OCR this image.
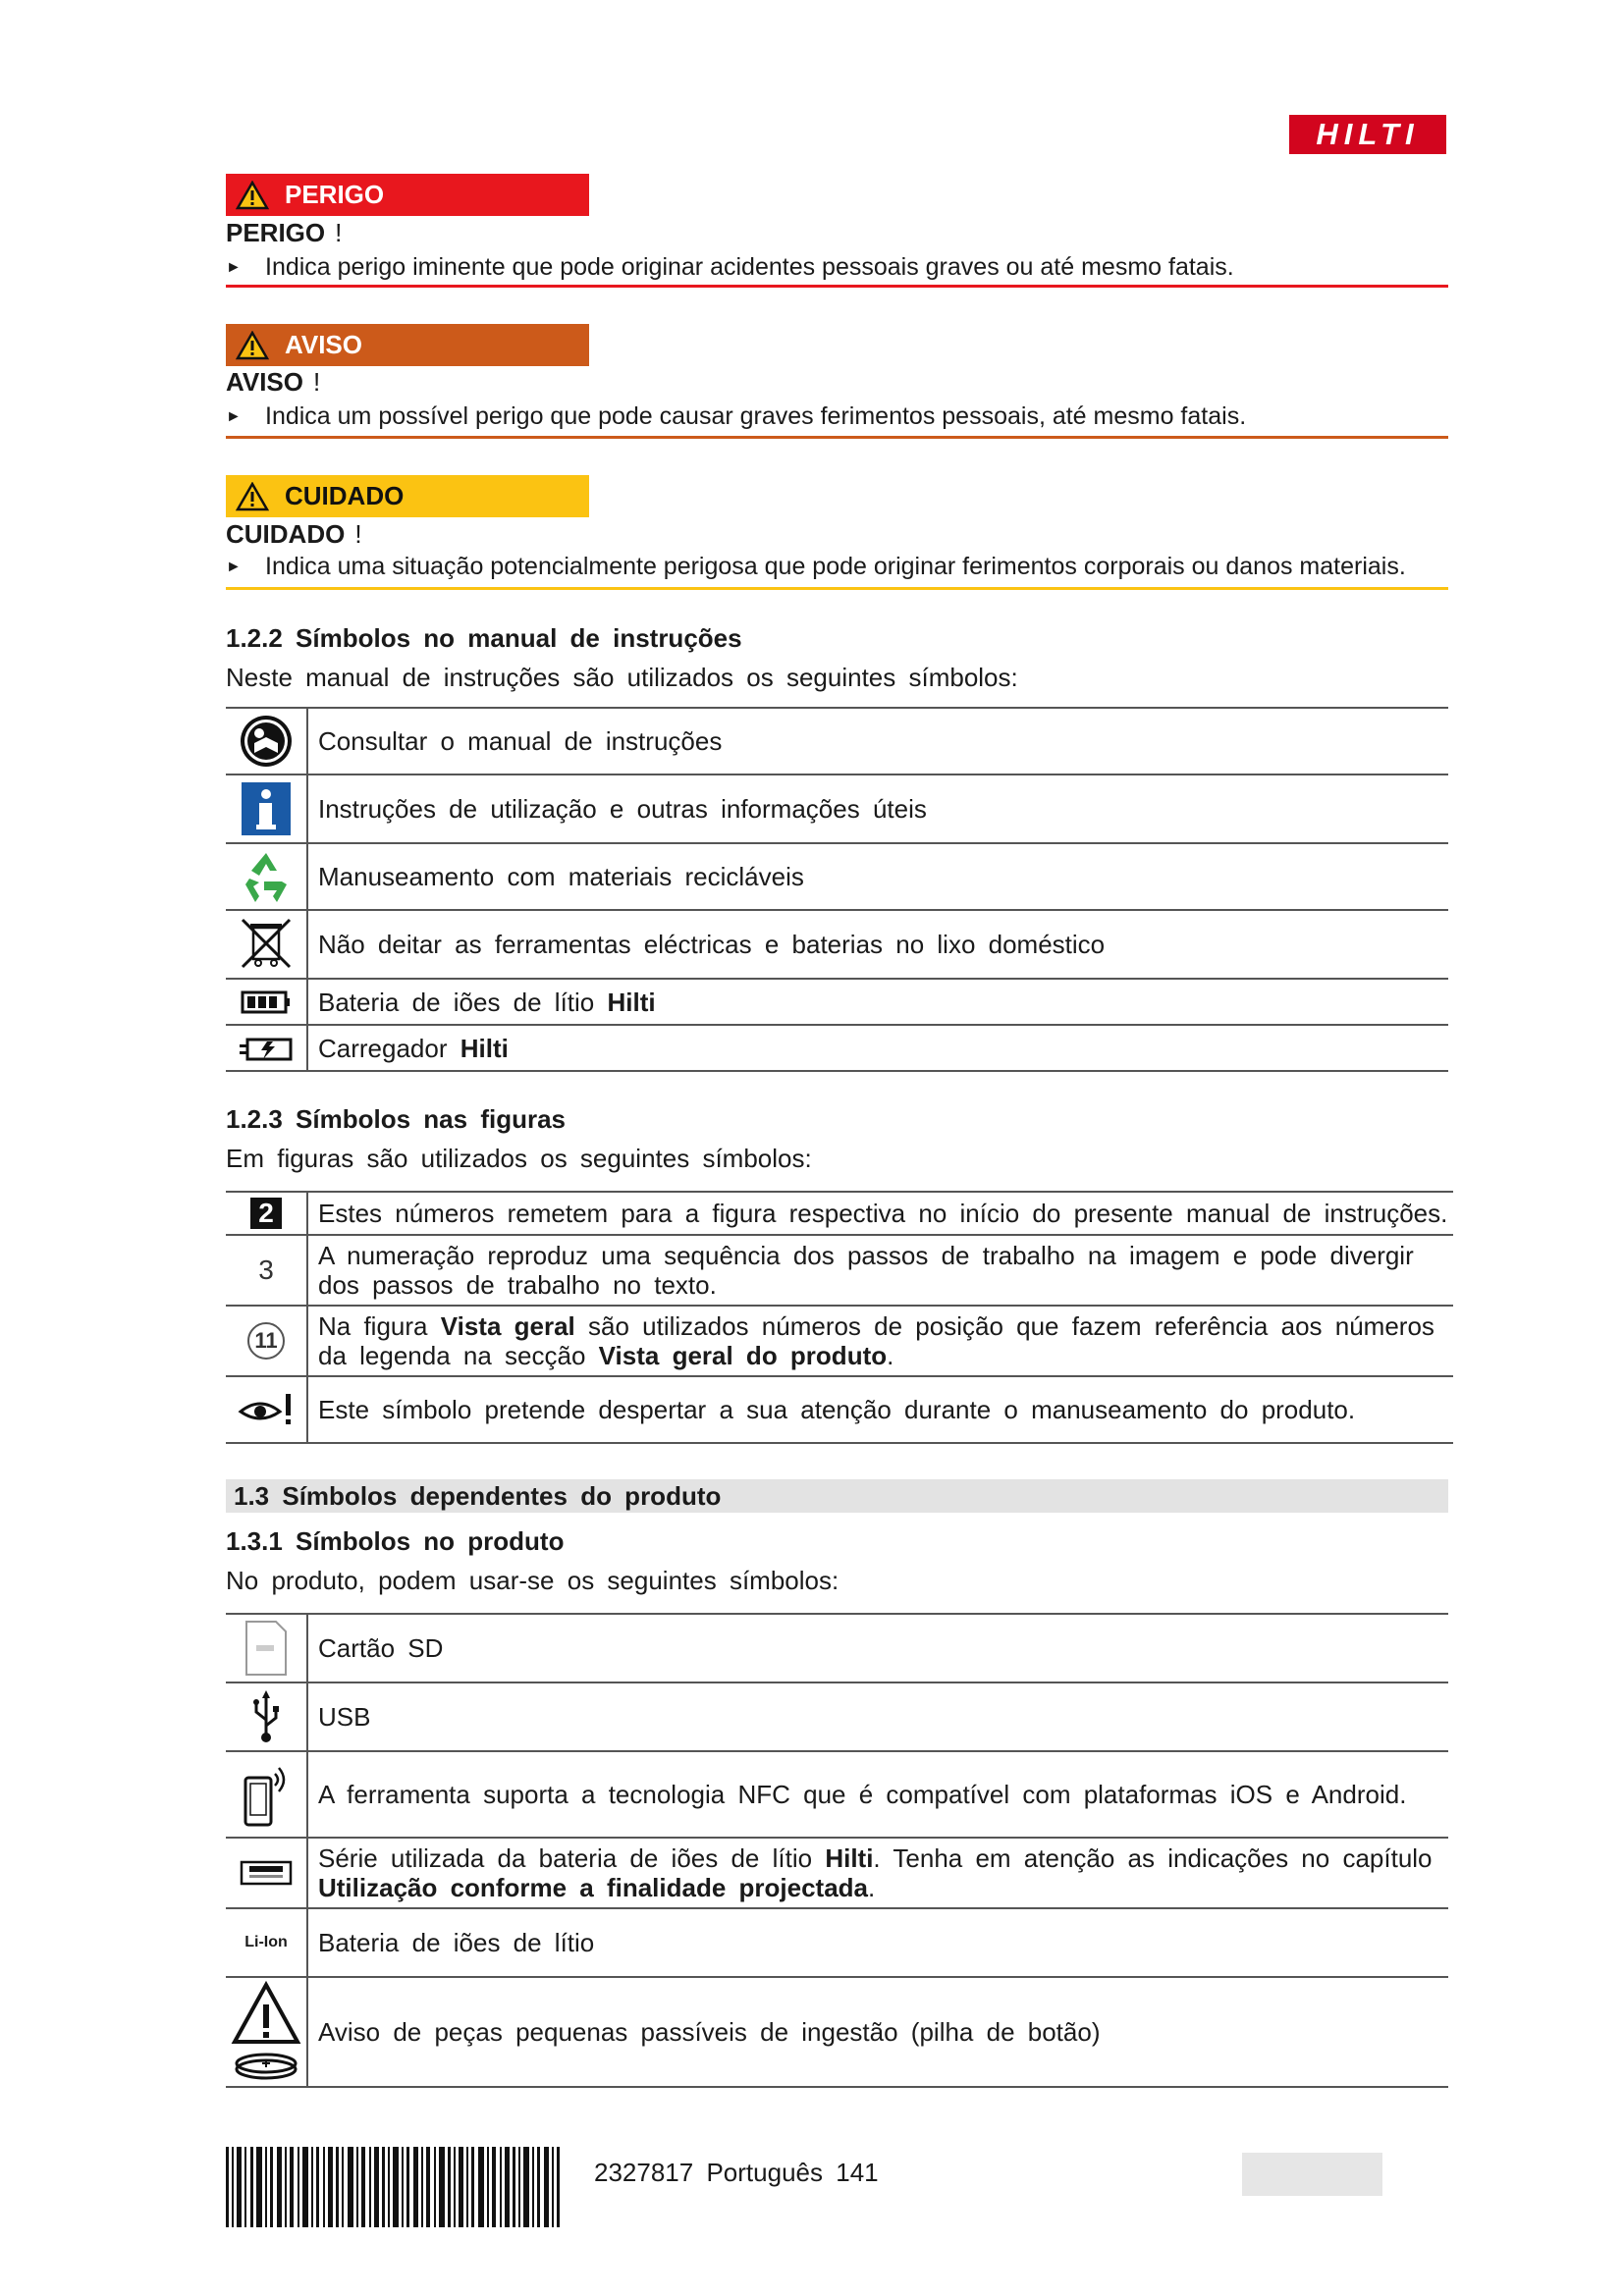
HILTI
PERIGO
PERIGO !
► Indica perigo iminente que pode originar acidentes pessoais graves ou até mesmo fatais.
AVISO
AVISO !
► Indica um possível perigo que pode causar graves ferimentos pessoais, até mesmo fatais.
CUIDADO
CUIDADO !
► Indica uma situação potencialmente perigosa que pode originar ferimentos corporais ou danos materiais.
1.2.2 Símbolos no manual de instruções
Neste manual de instruções são utilizados os seguintes símbolos:
	Consultar o manual de instruções

	Instruções de utilização e outras informações úteis

	Manuseamento com materiais recicláveis

	Não deitar as ferramentas eléctricas e baterias no lixo doméstico

	Bateria de iões de lítio Hilti

	Carregador Hilti
1.2.3 Símbolos nas figuras
Em figuras são utilizados os seguintes símbolos:
2	Estes números remetem para a figura respectiva no início do presente manual de instruções.

3	A numeração reproduz uma sequência dos passos de trabalho na imagem e pode divergir dos passos de trabalho no texto.
11	Na figura Vista geral são utilizados números de posição que fazem referência aos números da legenda na secção Vista geral do produto.

	Este símbolo pretende despertar a sua atenção durante o manuseamento do produto.
1.3 Símbolos dependentes do produto
1.3.1 Símbolos no produto
No produto, podem usar-se os seguintes símbolos:
	Cartão SD

	USB

	A ferramenta suporta a tecnologia NFC que é compatível com plataformas iOS e Android.

	Série utilizada da bateria de iões de lítio Hilti. Tenha em atenção as indicações no capítulo Utilização conforme a finalidade projectada.

Li-Ion	Bateria de iões de lítio

	Aviso de peças pequenas passíveis de ingestão (pilha de botão)
2327817 Português 141
